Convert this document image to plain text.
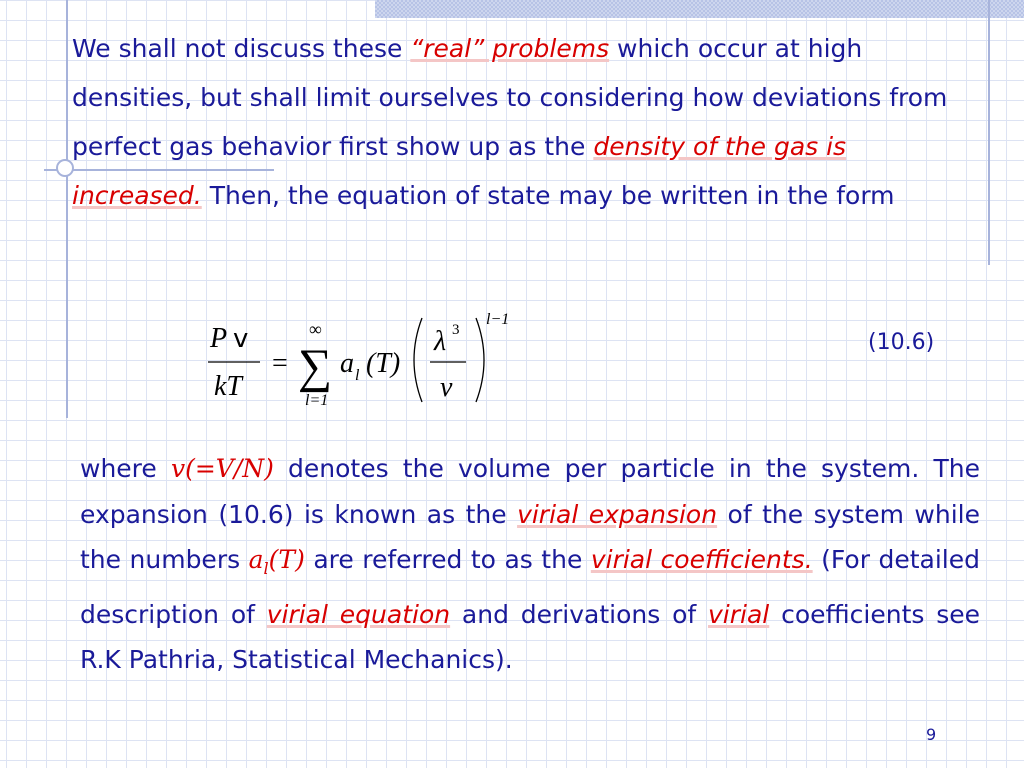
We shall not discuss these “real” problems which occur at high densities, but shall limit ourselves to considering how deviations from perfect gas behavior first show up as the density of the gas is increased. Then, the equation of state may be written in the form
P v
kT
=
∞
∑
l=1
a l (T)
λ 3
v
l−1
(10.6)
where v(=V/N) denotes the volume per particle in the system. The expansion (10.6) is known as the virial expansion of the system while the numbers $a_l(T)$ are referred to as the virial coefficients. (For detailed description of virial equation and derivations of virial coefficients see R.K Pathria, Statistical Mechanics).
9
